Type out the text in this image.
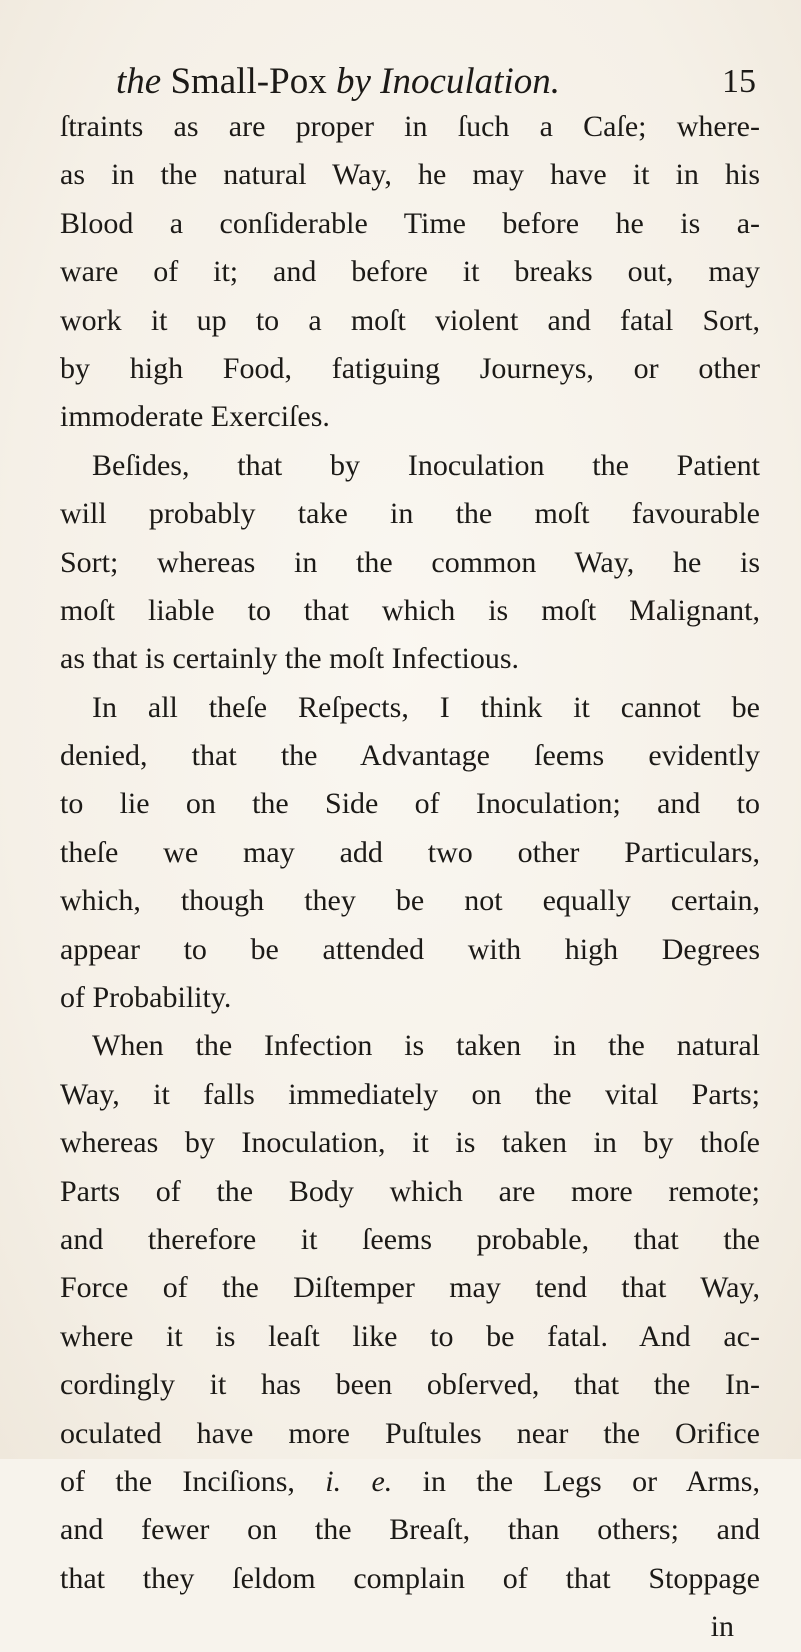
the Small-Pox by Inoculation.	15
ſtraints as are proper in ſuch a Caſe; where-
as in the natural Way, he may have it in his
Blood a conſiderable Time before he is a-
ware of it; and before it breaks out, may
work it up to a moſt violent and fatal Sort,
by high Food, fatiguing Journeys, or other
immoderate Exerciſes.
Beſides, that by Inoculation the Patient
will probably take in the moſt favourable
Sort; whereas in the common Way, he is
moſt liable to that which is moſt Malignant,
as that is certainly the moſt Infectious.
In all theſe Reſpects, I think it cannot be
denied, that the Advantage ſeems evidently
to lie on the Side of Inoculation; and to
theſe we may add two other Particulars,
which, though they be not equally certain,
appear to be attended with high Degrees
of Probability.
When the Infection is taken in the natural
Way, it falls immediately on the vital Parts;
whereas by Inoculation, it is taken in by thoſe
Parts of the Body which are more remote;
and therefore it ſeems probable, that the
Force of the Diſtemper may tend that Way,
where it is leaſt like to be fatal. And ac-
cordingly it has been obſerved, that the In-
oculated have more Puſtules near the Orifice
of the Inciſions, i. e. in the Legs or Arms,
and fewer on the Breaſt, than others; and
that they ſeldom complain of that Stoppage
in
